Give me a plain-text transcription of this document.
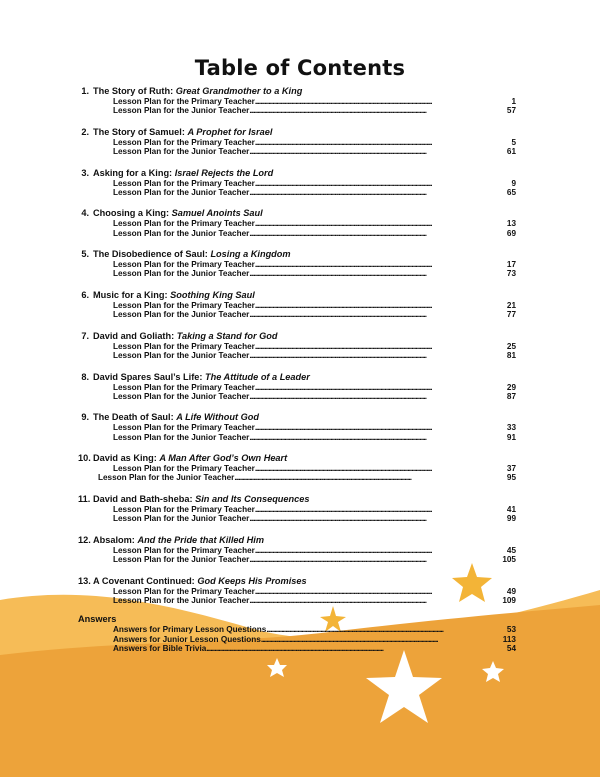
Table of Contents
1. The Story of Ruth: Great Grandmother to a King
Lesson Plan for the Primary Teacher . . .	1
Lesson Plan for the Junior Teacher . . .	57
2. The Story of Samuel: A Prophet for Israel
Lesson Plan for the Primary Teacher . . .	5
Lesson Plan for the Junior Teacher . . .	61
3. Asking for a King: Israel Rejects the Lord
Lesson Plan for the Primary Teacher . . .	9
Lesson Plan for the Junior Teacher . . .	65
4. Choosing a King: Samuel Anoints Saul
Lesson Plan for the Primary Teacher . . .	13
Lesson Plan for the Junior Teacher . . .	69
5. The Disobedience of Saul: Losing a Kingdom
Lesson Plan for the Primary Teacher . . .	17
Lesson Plan for the Junior Teacher . . .	73
6. Music for a King: Soothing King Saul
Lesson Plan for the Primary Teacher . . .	21
Lesson Plan for the Junior Teacher . . .	77
7. David and Goliath: Taking a Stand for God
Lesson Plan for the Primary Teacher . . .	25
Lesson Plan for the Junior Teacher . . .	81
8. David Spares Saul’s Life: The Attitude of a Leader
Lesson Plan for the Primary Teacher . . .	29
Lesson Plan for the Junior Teacher . . .	87
9. The Death of Saul: A Life Without God
Lesson Plan for the Primary Teacher . . .	33
Lesson Plan for the Junior Teacher . . .	91
10. David as King: A Man After God’s Own Heart
Lesson Plan for the Primary Teacher . . .	37
Lesson Plan for the Junior Teacher . . .	95
11. David and Bath-sheba: Sin and Its Consequences
Lesson Plan for the Primary Teacher . . .	41
Lesson Plan for the Junior Teacher . . .	99
12. Absalom: And the Pride that Killed Him
Lesson Plan for the Primary Teacher . . .	45
Lesson Plan for the Junior Teacher . . .	105
13. A Covenant Continued: God Keeps His Promises
Lesson Plan for the Primary Teacher . . .	49
Lesson Plan for the Junior Teacher . . .	109
Answers
Answers for Primary Lesson Questions . . .	53
Answers for Junior Lesson Questions . . .	113
Answers for Bible Trivia . . .	54
